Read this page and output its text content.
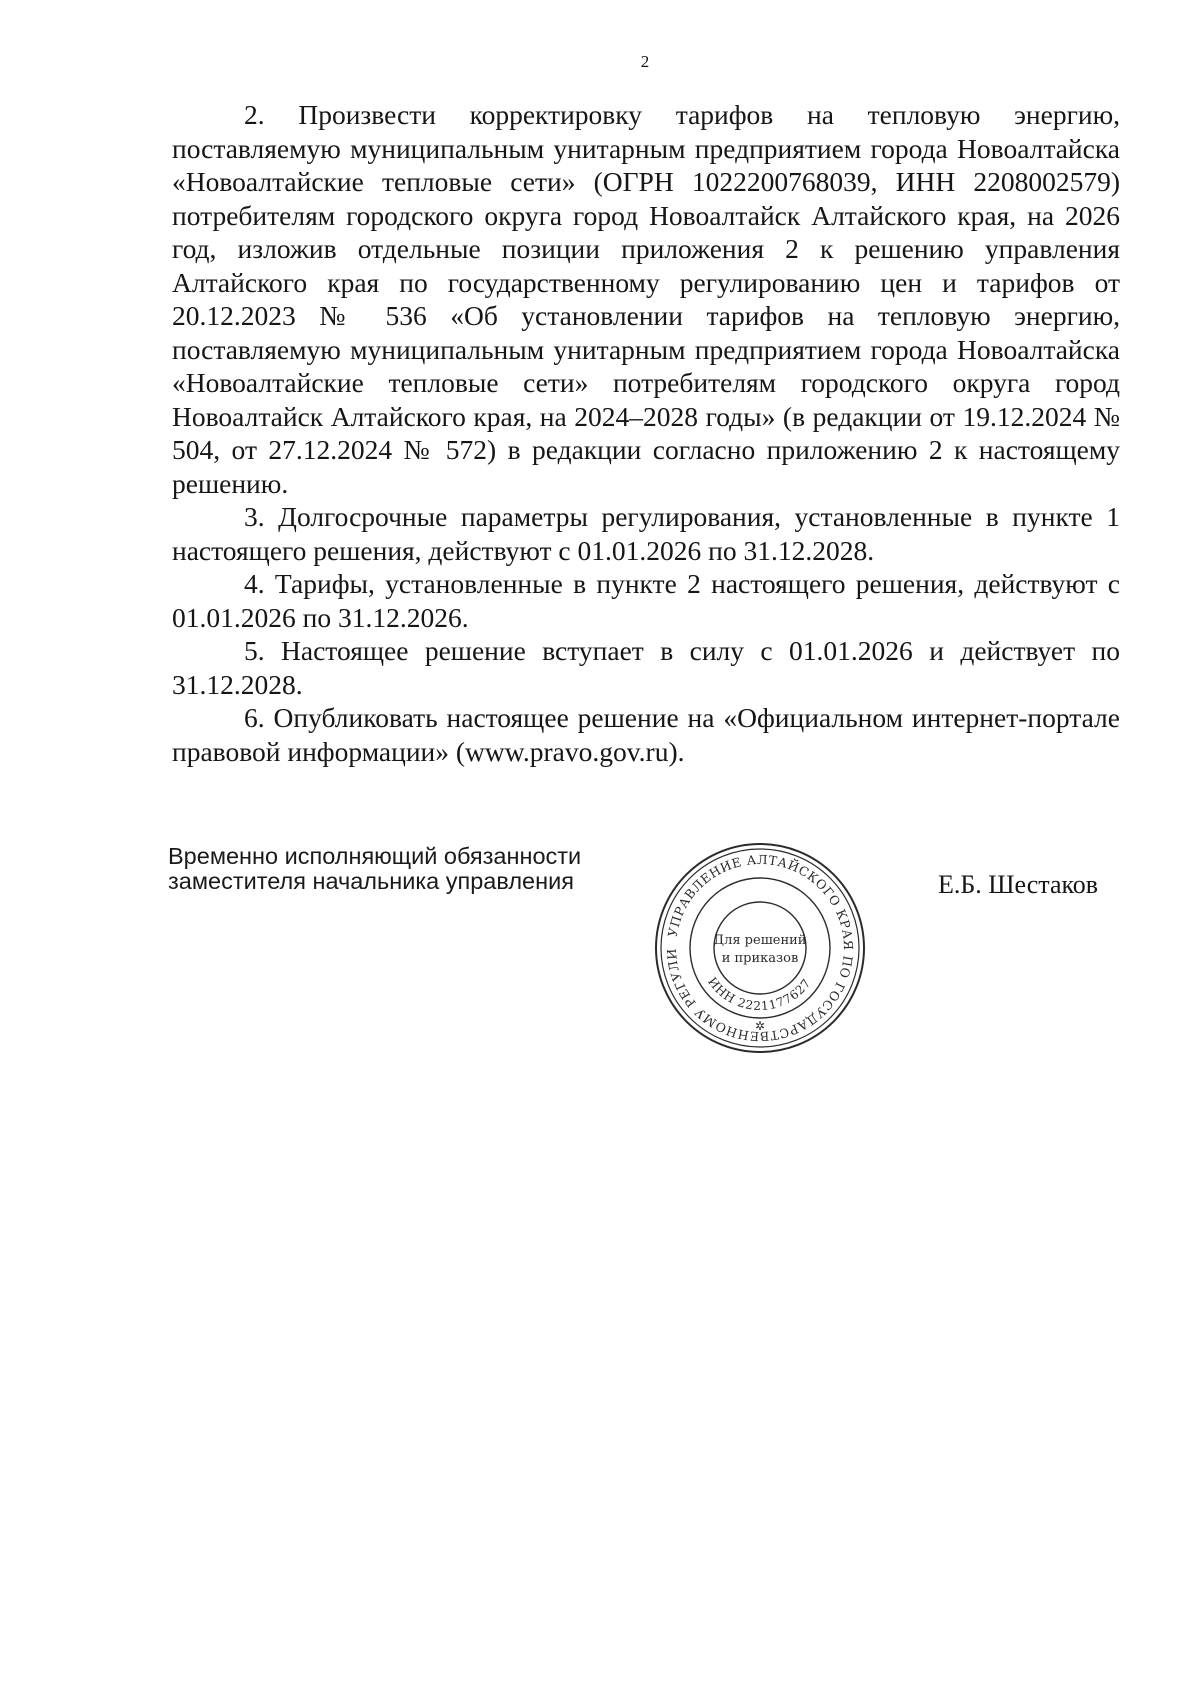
2

2. Произвести корректировку тарифов на тепловую энергию, поставляемую муниципальным унитарным предприятием города Новоалтайска «Новоалтайские тепловые сети» (ОГРН 1022200768039, ИНН 2208002579) потребителям городского округа город Новоалтайск Алтайского края, на 2026 год, изложив отдельные позиции приложения 2 к решению управления Алтайского края по государственному регулированию цен и тарифов от 20.12.2023 № 536 «Об установлении тарифов на тепловую энергию, поставляемую муниципальным унитарным предприятием города Новоалтайска «Новоалтайские тепловые сети» потребителям городского округа город Новоалтайск Алтайского края, на 2024–2028 годы» (в редакции от 19.12.2024 № 504, от 27.12.2024 № 572) в редакции согласно приложению 2 к настоящему решению.

3. Долгосрочные параметры регулирования, установленные в пункте 1 настоящего решения, действуют с 01.01.2026 по 31.12.2028.

4. Тарифы, установленные в пункте 2 настоящего решения, действуют с 01.01.2026 по 31.12.2026.

5. Настоящее решение вступает в силу с 01.01.2026 и действует по 31.12.2028.

6. Опубликовать настоящее решение на «Официальном интернет-портале правовой информации» (www.pravo.gov.ru).

Временно исполняющий обязанности
заместителя начальника управления
УПРАВЛЕНИЕ АЛТАЙСКОГО КРАЯ ПО ГОСУДАРСТВЕННОМУ РЕГУЛИ
ИНН 2221177627
Для решений
и приказов
✲
Е.Б. Шестаков
